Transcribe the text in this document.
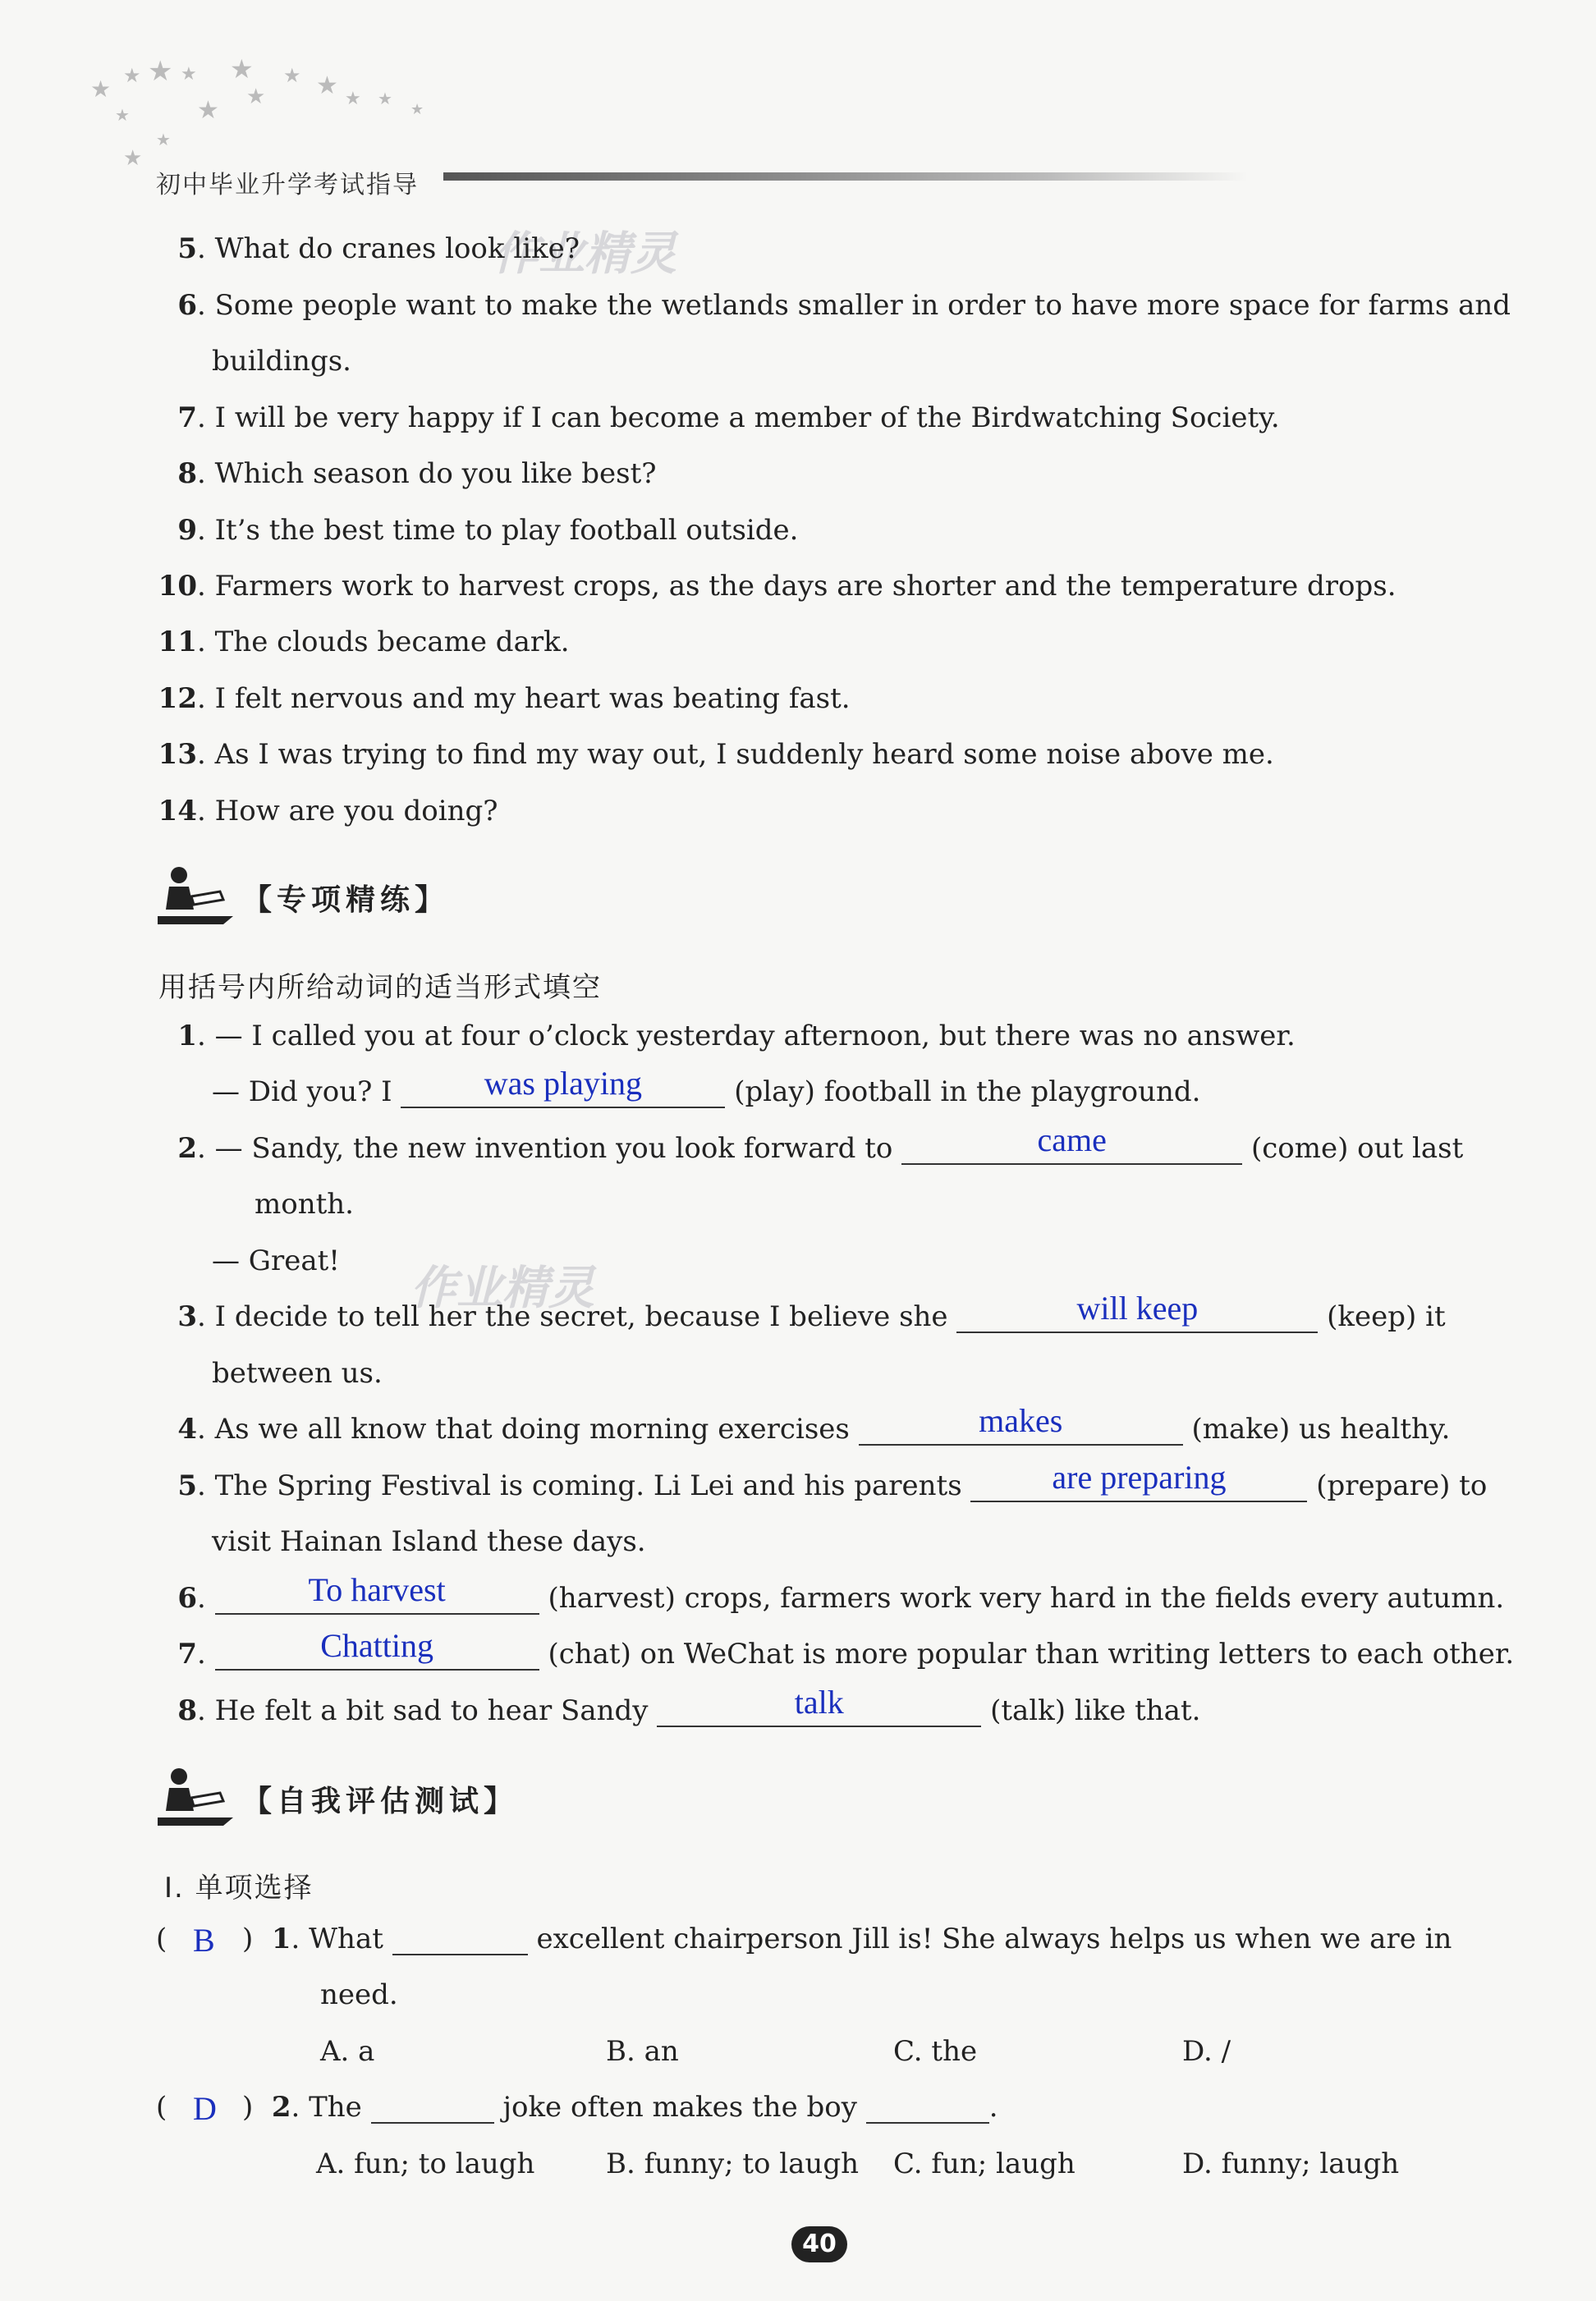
★ ★ ★ ★
★
★
★
★ ★ ★ ★
★
★
★
★
初中毕业升学考试指导
作业精灵
作业精灵
5. What do cranes look like?
6. Some people want to make the wetlands smaller in order to have more space for farms and
buildings.
7. I will be very happy if I can become a member of the Birdwatching Society.
8. Which season do you like best?
9. It’s the best time to play football outside.
10. Farmers work to harvest crops, as the days are shorter and the temperature drops.
11. The clouds became dark.
12. I felt nervous and my heart was beating fast.
13. As I was trying to find my way out, I suddenly heard some noise above me.
14. How are you doing?
【专项精练】
用括号内所给动词的适当形式填空
1. — I called you at four o’clock yesterday afternoon, but there was no answer.
— Did you? I	was playing	(play) football in the playground.
2. — Sandy, the new invention you look forward to	came	(come) out last
month.
— Great!
3. I decide to tell her the secret, because I believe she	will keep	(keep) it
between us.
4. As we all know that doing morning exercises	makes	(make) us healthy.
5. The Spring Festival is coming. Li Lei and his parents	are preparing	(prepare) to
visit Hainan Island these days.
6.	To harvest	(harvest) crops, farmers work very hard in the fields every autumn.
7.	Chatting	(chat) on WeChat is more popular than writing letters to each other.
8. He felt a bit sad to hear Sandy	talk	(talk) like that.
【自我评估测试】
I. 单项选择
( B ) 1. What	excellent chairperson Jill is! She always helps us when we are in
need.
A. a	B. an	C. the	D. /
( D ) 2. The	joke often makes the boy	.
A. fun; to laugh	B. funny; to laugh C. fun; laugh	D. funny; laugh
40
